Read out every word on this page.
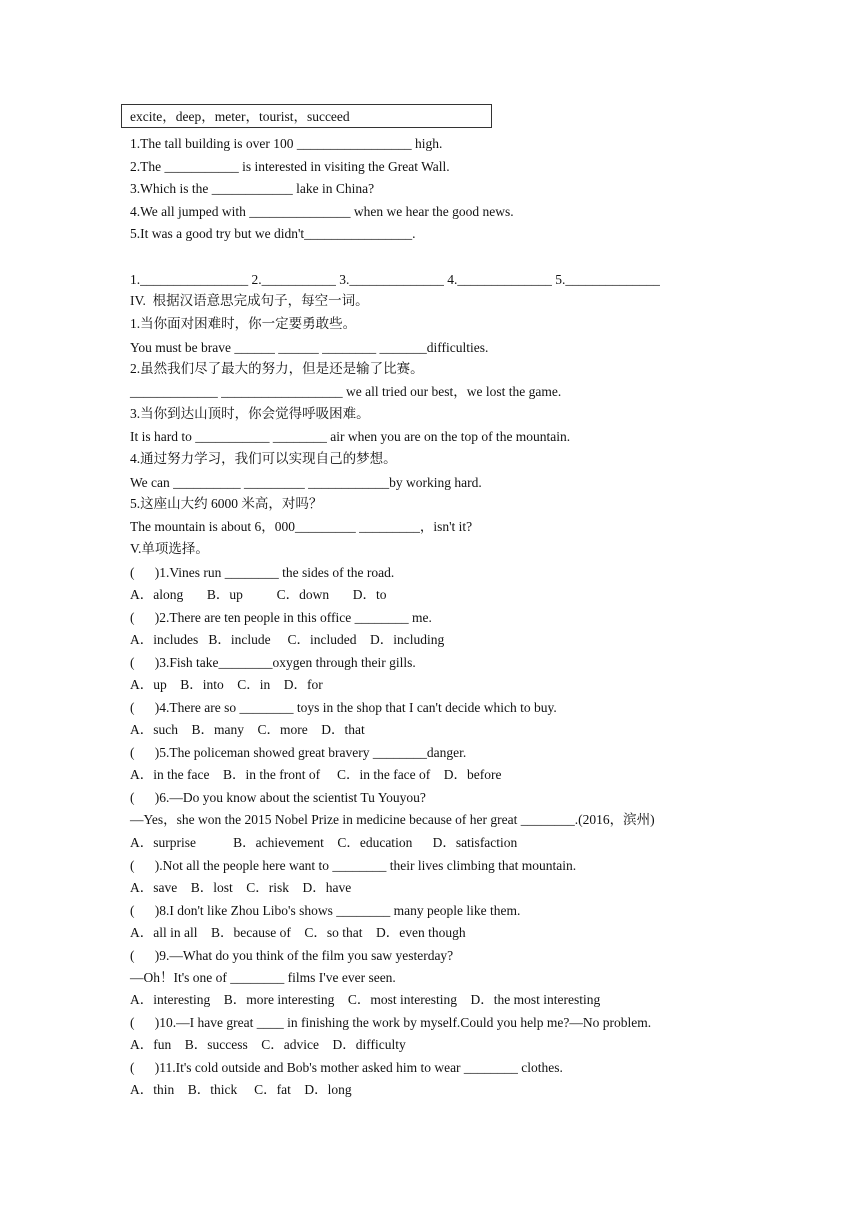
excite，deep，meter，tourist，succeed
1.The tall building is over 100 _________________ high.
2.The ___________ is interested in visiting the Great Wall.
3.Which is the ____________ lake in China?
4.We all jumped with _______________ when we hear the good news.
5.It was a good try but we didn't________________.
1.________________ 2.___________ 3.______________ 4.______________ 5.______________
IV.  根据汉语意思完成句子，每空一词。
1.当你面对困难时，你一定要勇敢些。
You must be brave ______ ______ ________ _______difficulties.
2.虽然我们尽了最大的努力，但是还是输了比赛。
_____________ __________________ we all tried our best，we lost the game.
3.当你到达山顶时，你会觉得呼吸困难。
It is hard to ___________ ________ air when you are on the top of the mountain.
4.通过努力学习，我们可以实现自己的梦想。
We can __________ _________ ____________by working hard.
5.这座山大约 6000 米高，对吗？
The mountain is about 6，000_________ _________，isn't it?
V.单项选择。
(      )1.Vines run ________ the sides of the road.
A．along       B．up          C．down       D．to
(      )2.There are ten people in this office ________ me.
A．includes   B．include     C．included    D．including
(      )3.Fish take________oxygen through their gills.
A．up    B．into    C．in    D．for
(      )4.There are so ________ toys in the shop that I can't decide which to buy.
A．such    B．many    C．more    D．that
(      )5.The policeman showed great bravery ________danger.
A．in the face    B．in the front of     C．in the face of    D．before
(      )6.—Do you know about the scientist Tu Youyou?
—Yes，she won the 2015 Nobel Prize in medicine because of her great ________.(2016，滨州)
A．surprise           B．achievement    C．education      D．satisfaction
(      ).Not all the people here want to ________ their lives climbing that mountain.
A．save    B．lost    C．risk    D．have
(      )8.I don't like Zhou Libo's shows ________ many people like them.
A．all in all    B．because of    C．so that    D．even though
(      )9.—What do you think of the film you saw yesterday?
—Oh！It's one of ________ films I've ever seen.
A．interesting    B．more interesting    C．most interesting    D．the most interesting
(      )10.—I have great ____ in finishing the work by myself.Could you help me?—No problem.
A．fun    B．success    C．advice    D．difficulty
(      )11.It's cold outside and Bob's mother asked him to wear ________ clothes.
A．thin    B．thick     C．fat    D．long
